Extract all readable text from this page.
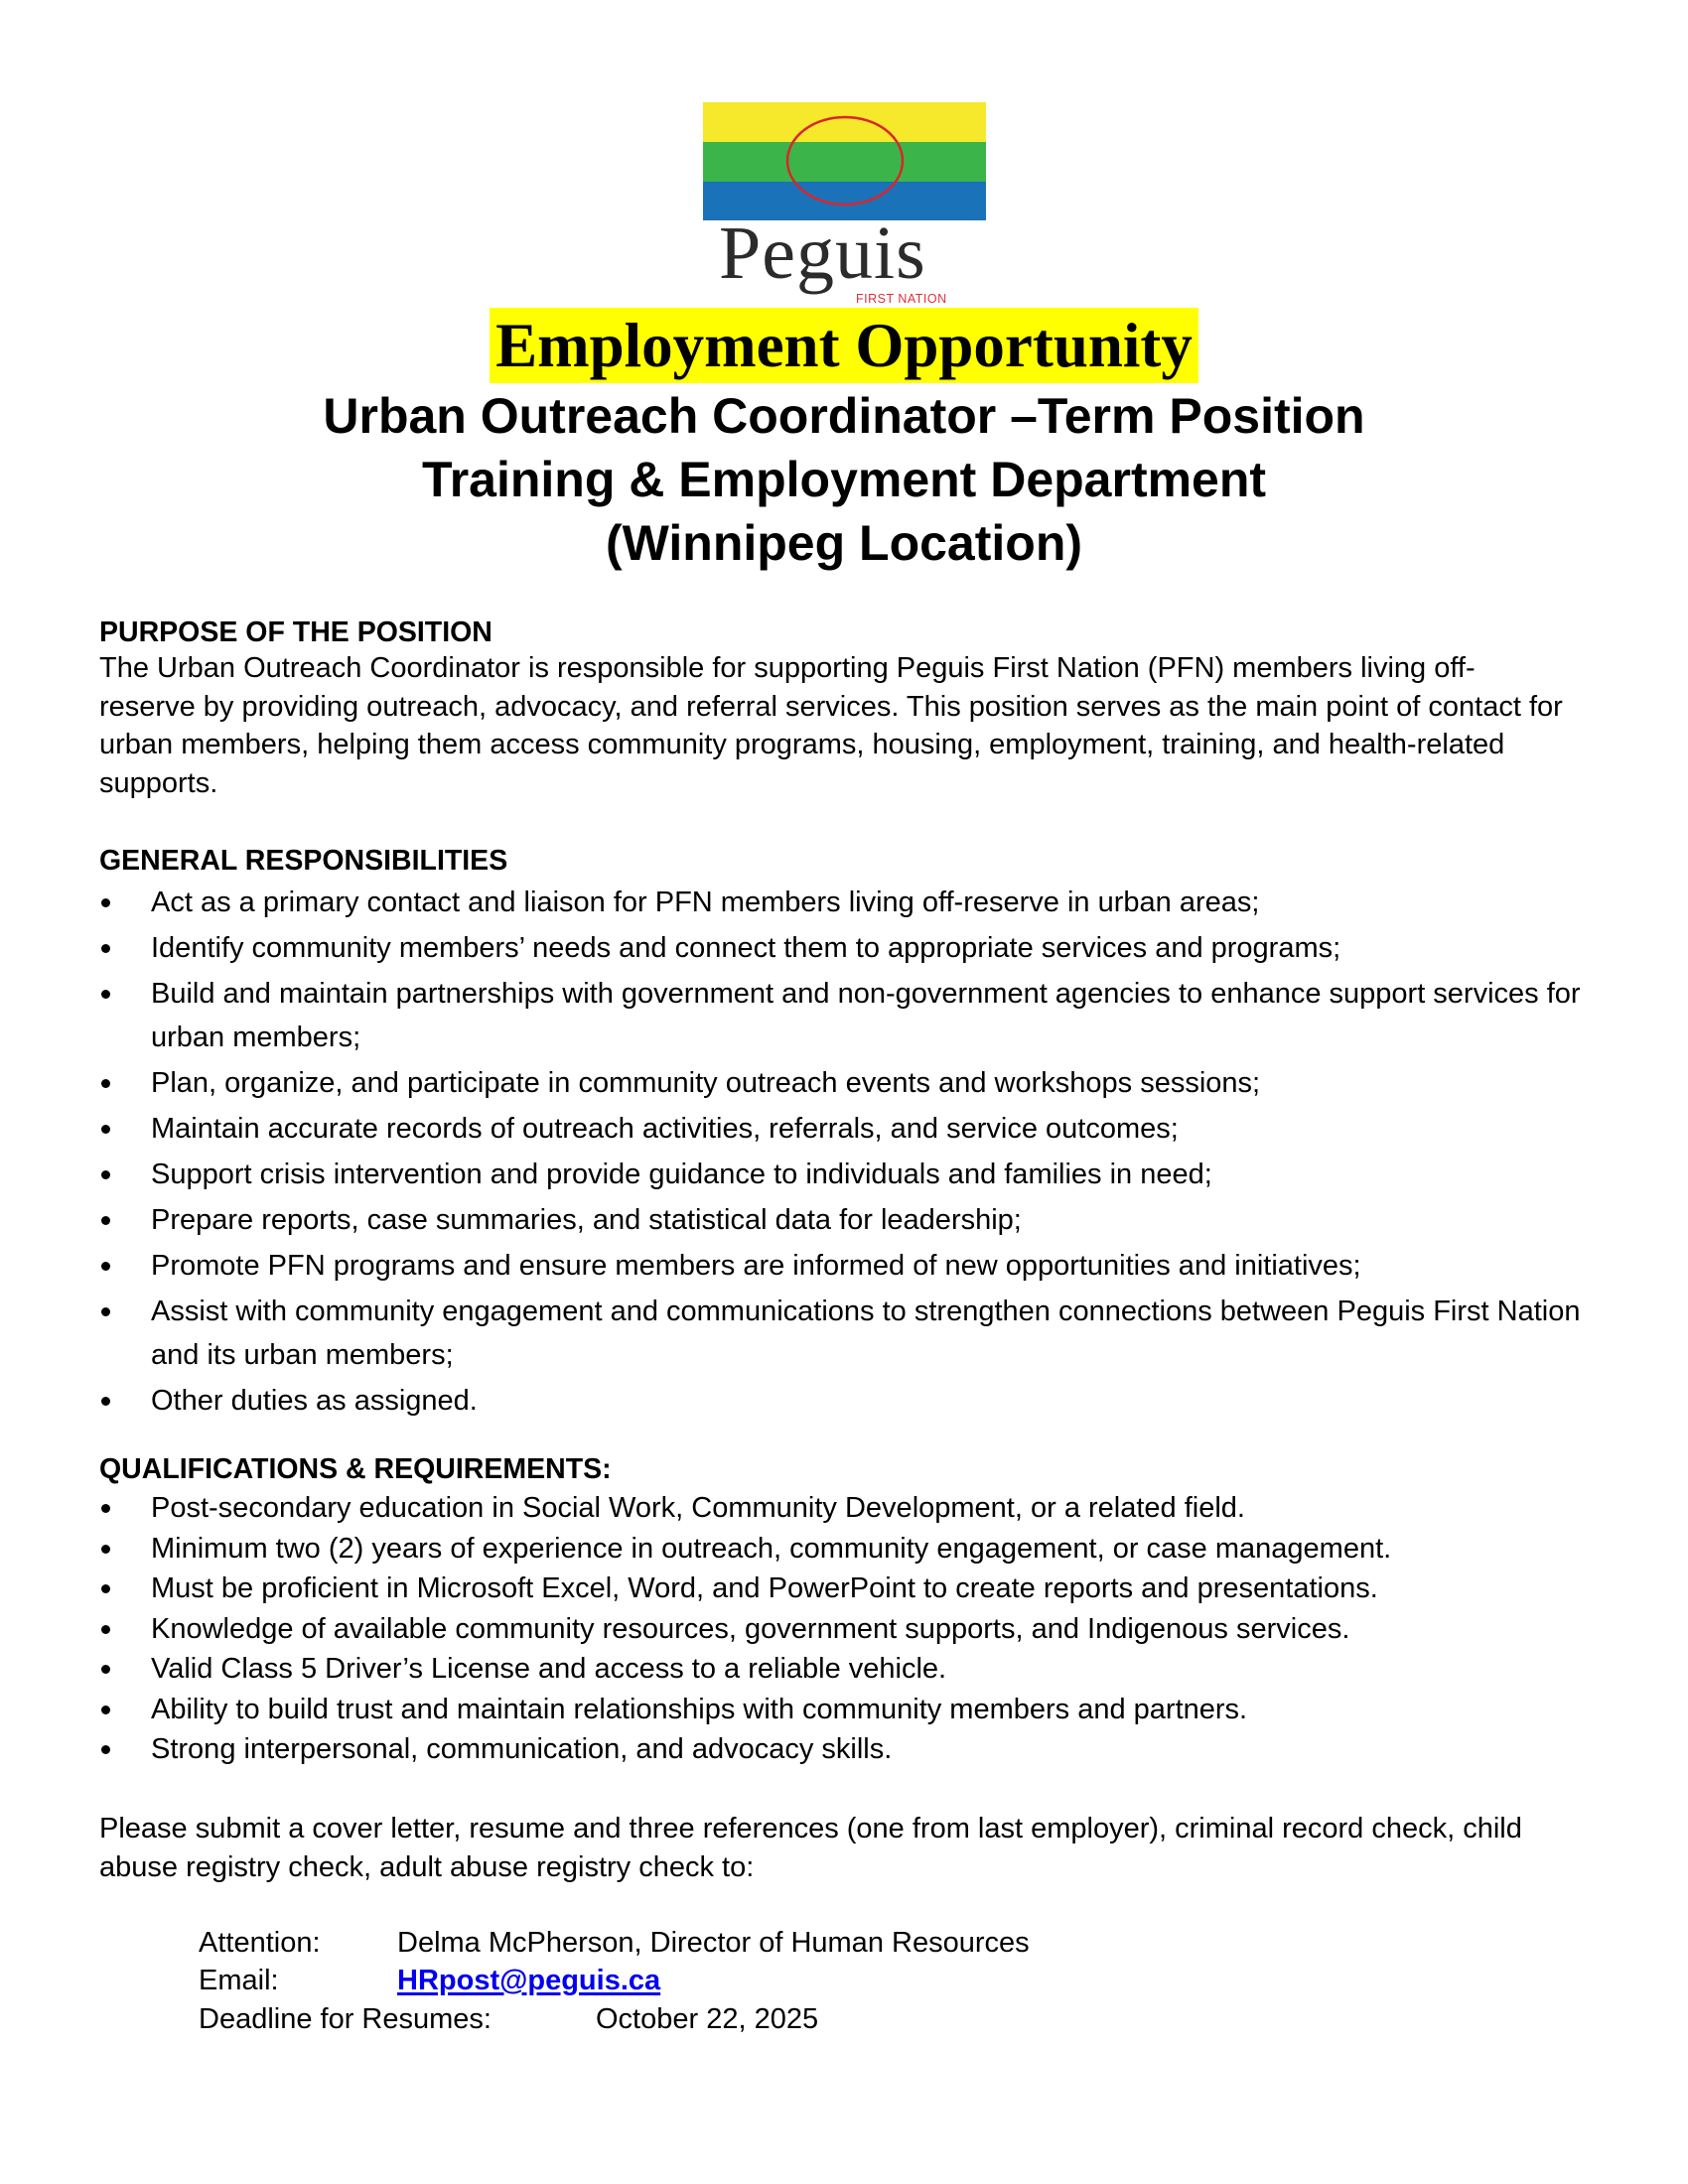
Peguis
FIRST NATION
Employment Opportunity
Urban Outreach Coordinator –Term Position
Training & Employment Department
(Winnipeg Location)
PURPOSE OF THE POSITION
The Urban Outreach Coordinator is responsible for supporting Peguis First Nation (PFN) members living off-reserve by providing outreach, advocacy, and referral services. This position serves as the main point of contact for urban members, helping them access community programs, housing, employment, training, and health-related supports.
GENERAL RESPONSIBILITIES
Act as a primary contact and liaison for PFN members living off-reserve in urban areas;
Identify community members’ needs and connect them to appropriate services and programs;
Build and maintain partnerships with government and non-government agencies to enhance support services for urban members;
Plan, organize, and participate in community outreach events and workshops sessions;
Maintain accurate records of outreach activities, referrals, and service outcomes;
Support crisis intervention and provide guidance to individuals and families in need;
Prepare reports, case summaries, and statistical data for leadership;
Promote PFN programs and ensure members are informed of new opportunities and initiatives;
Assist with community engagement and communications to strengthen connections between Peguis First Nation and its urban members;
Other duties as assigned.
QUALIFICATIONS & REQUIREMENTS:
Post-secondary education in Social Work, Community Development, or a related field.
Minimum two (2) years of experience in outreach, community engagement, or case management.
Must be proficient in Microsoft Excel, Word, and PowerPoint to create reports and presentations.
Knowledge of available community resources, government supports, and Indigenous services.
Valid Class 5 Driver’s License and access to a reliable vehicle.
Ability to build trust and maintain relationships with community members and partners.
Strong interpersonal, communication, and advocacy skills.
Please submit a cover letter, resume and three references (one from last employer), criminal record check, child abuse registry check, adult abuse registry check to:
Attention:	Delma McPherson, Director of Human Resources
Email:	HRpost@peguis.ca
Deadline for Resumes:	October 22, 2025
